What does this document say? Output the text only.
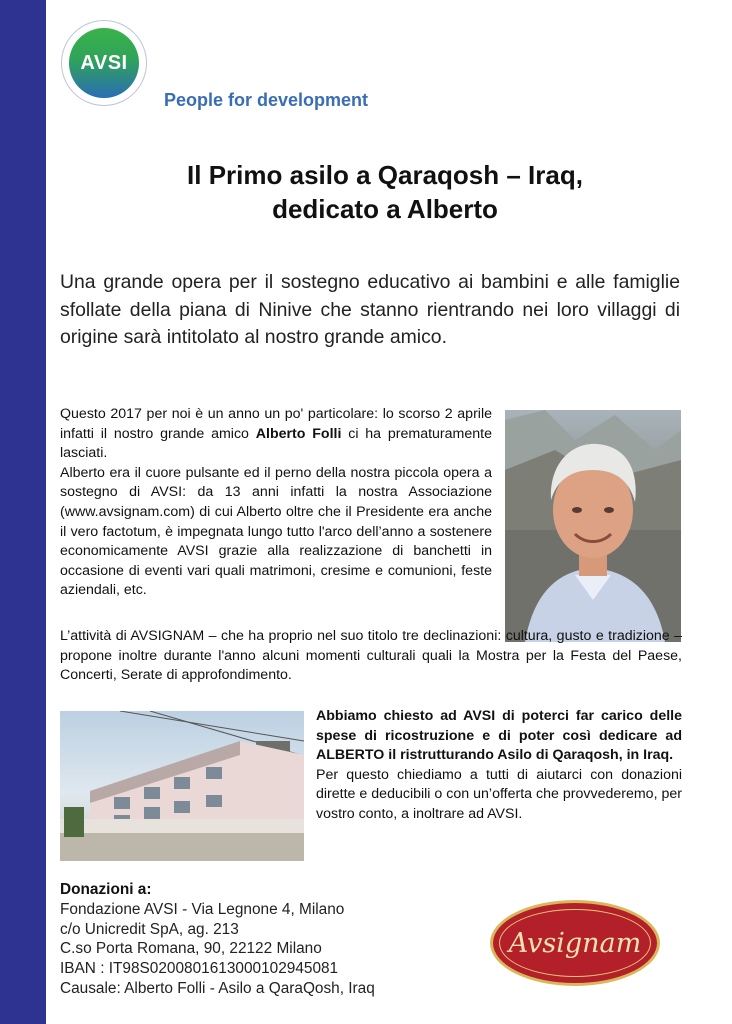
AVSI
People for development
Il Primo asilo a Qaraqosh – Iraq,
dedicato a Alberto
Una grande opera per il sostegno educativo ai bambini e alle famiglie sfollate della piana di Ninive che stanno rientrando nei loro villaggi di origine sarà intitolato al nostro grande amico.

Questo 2017 per noi è un anno un po' particolare: lo scorso 2 aprile infatti il nostro grande amico Alberto Folli ci ha prematuramente lasciati.
Alberto era il cuore pulsante ed il perno della nostra piccola opera a sostegno di AVSI: da 13 anni infatti la nostra Associazione (www.avsignam.com) di cui Alberto oltre che il Presidente era anche il vero factotum, è impegnata lungo tutto l'arco dell’anno a sostenere economicamente AVSI grazie alla realizzazione di banchetti in occasione di eventi vari quali matrimoni, cresime e comunioni, feste aziendali, etc.

L’attività di AVSIGNAM – che ha proprio nel suo titolo tre declinazioni: cultura, gusto e tradizione – propone inoltre durante l'anno alcuni momenti culturali quali la Mostra per la Festa del Paese, Concerti, Serate di approfondimento.

Abbiamo chiesto ad AVSI di poterci far carico delle spese di ricostruzione e di poter così dedicare ad ALBERTO il ristrutturando Asilo di Qaraqosh, in Iraq.
Per questo chiediamo a tutti di aiutarci con donazioni dirette e deducibili o con un’offerta che provvederemo, per vostro conto, a inoltrare ad AVSI.
Donazioni a:
Fondazione AVSI - Via Legnone 4, Milano
c/o Unicredit SpA, ag. 213
C.so Porta Romana, 90, 22122 Milano
IBAN : IT98S0200801613000102945081
Causale: Alberto Folli - Asilo a QaraQosh, Iraq
Avsignam
